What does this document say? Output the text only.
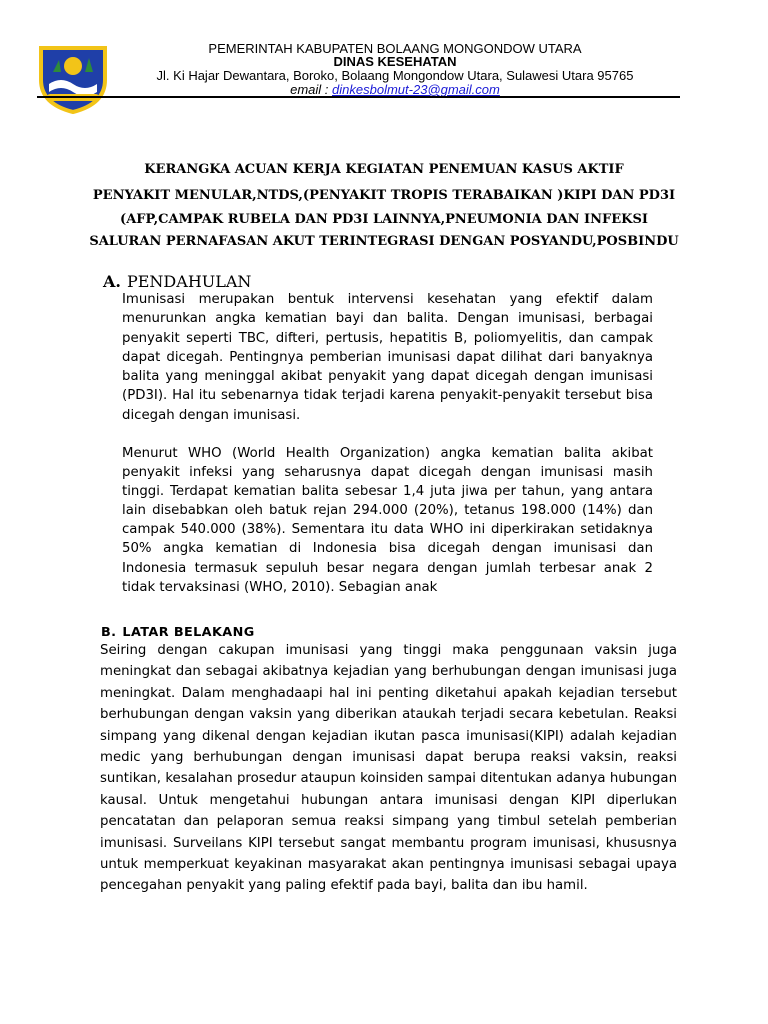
PEMERINTAH KABUPATEN BOLAANG MONGONDOW UTARA
DINAS KESEHATAN
Jl. Ki Hajar Dewantara, Boroko, Bolaang Mongondow Utara, Sulawesi Utara 95765
email : dinkesbolmut-23@gmail.com
KERANGKA ACUAN KERJA KEGIATAN PENEMUAN KASUS AKTIF
PENYAKIT MENULAR,NTDS,(PENYAKIT TROPIS TERABAIKAN )KIPI DAN PD3I
(AFP,CAMPAK RUBELA DAN PD3I LAINNYA,PNEUMONIA DAN INFEKSI
SALURAN PERNAFASAN AKUT TERINTEGRASI DENGAN POSYANDU,POSBINDU
A. PENDAHULAN

Imunisasi merupakan bentuk intervensi kesehatan yang efektif dalam menurunkan angka kematian bayi dan balita. Dengan imunisasi, berbagai penyakit seperti TBC, difteri, pertusis, hepatitis B, poliomyelitis, dan campak dapat dicegah. Pentingnya pemberian imunisasi dapat dilihat dari banyaknya balita yang meninggal akibat penyakit yang dapat dicegah dengan imunisasi (PD3I). Hal itu sebenarnya tidak terjadi karena penyakit-penyakit tersebut bisa dicegah dengan imunisasi.

Menurut WHO (World Health Organization) angka kematian balita akibat penyakit infeksi yang seharusnya dapat dicegah dengan imunisasi masih tinggi. Terdapat kematian balita sebesar 1,4 juta jiwa per tahun, yang antara lain disebabkan oleh batuk rejan 294.000 (20%), tetanus 198.000 (14%) dan campak 540.000 (38%). Sementara itu data WHO ini diperkirakan setidaknya 50% angka kematian di Indonesia bisa dicegah dengan imunisasi dan Indonesia termasuk sepuluh besar negara dengan jumlah terbesar anak 2 tidak tervaksinasi (WHO, 2010). Sebagian anak

B. LATAR BELAKANG

Seiring dengan cakupan imunisasi yang tinggi maka penggunaan vaksin juga meningkat dan sebagai akibatnya kejadian yang berhubungan dengan imunisasi juga meningkat. Dalam menghadaapi hal ini penting diketahui apakah kejadian tersebut berhubungan dengan vaksin yang diberikan ataukah terjadi secara kebetulan. Reaksi simpang yang dikenal dengan kejadian ikutan pasca imunisasi(KIPI) adalah kejadian medic yang berhubungan dengan imunisasi dapat berupa reaksi vaksin, reaksi suntikan, kesalahan prosedur ataupun koinsiden sampai ditentukan adanya hubungan kausal. Untuk mengetahui hubungan antara imunisasi dengan KIPI diperlukan pencatatan dan pelaporan semua reaksi simpang yang timbul setelah pemberian imunisasi. Surveilans KIPI tersebut sangat membantu program imunisasi, khususnya untuk memperkuat keyakinan masyarakat akan pentingnya imunisasi sebagai upaya pencegahan penyakit yang paling efektif pada bayi, balita dan ibu hamil.
